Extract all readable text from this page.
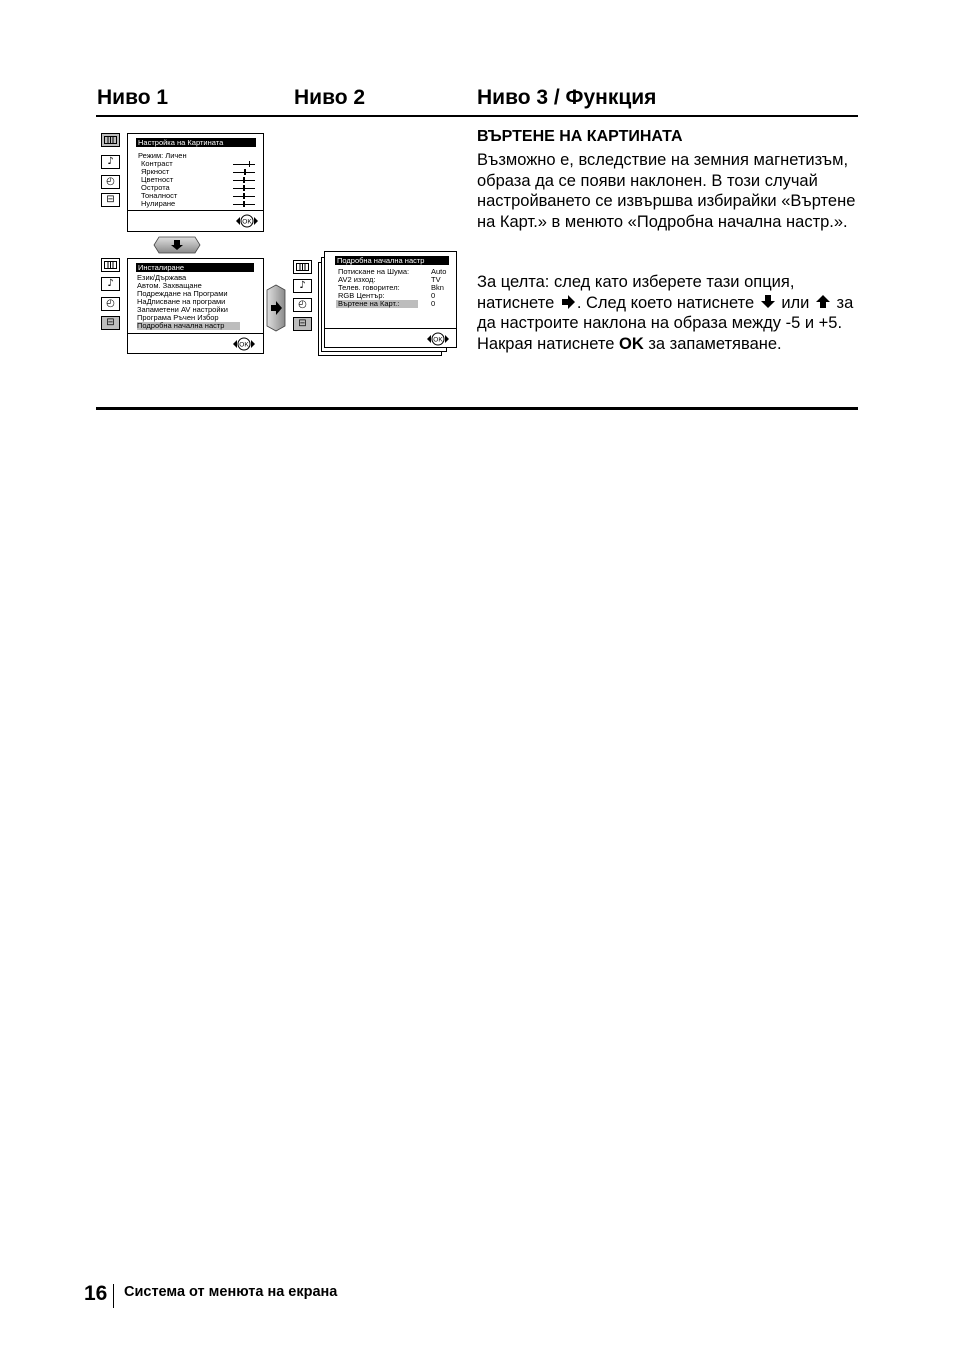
Ниво 1	Ниво 2	Ниво 3 / Функция
♪
◴
⊟
Настройка на Картината
Режим: Личен
Контраст
Яркност
Цветност
Острота
Тоналност
Нулиране
OK
♪
◴
⊟
Инсталиране
Език/Държава
Автом. Захващане
Подреждане на Програми
НаДписване на програми
Запаметени AV настройки
Програма Ръчен Избор
Подробна начална настр
OK
♪
◴
⊟
Подробна начална настр
Потискане на Шума:	Auto
AV2 изход:	TV
Телев. говорител:	Bkn
RGB Център:	0
Въртене на Карт.:	0
OK
ВЪРТЕНЕ НА КАРТИНАТА
Възможно е, вследствие на земния магнетизъм, образа да се появи наклонен. В този случай настройването се извършва избирайки «Въртене на Карт.» в менюто «Подробна начална настр.».
За целта: след като изберете тази опция, натиснете . След което натиснете  или  за да настроите наклона на образа между -5 и +5. Накрая натиснете OK за запаметяване.
16 Система от менюта на екрана
